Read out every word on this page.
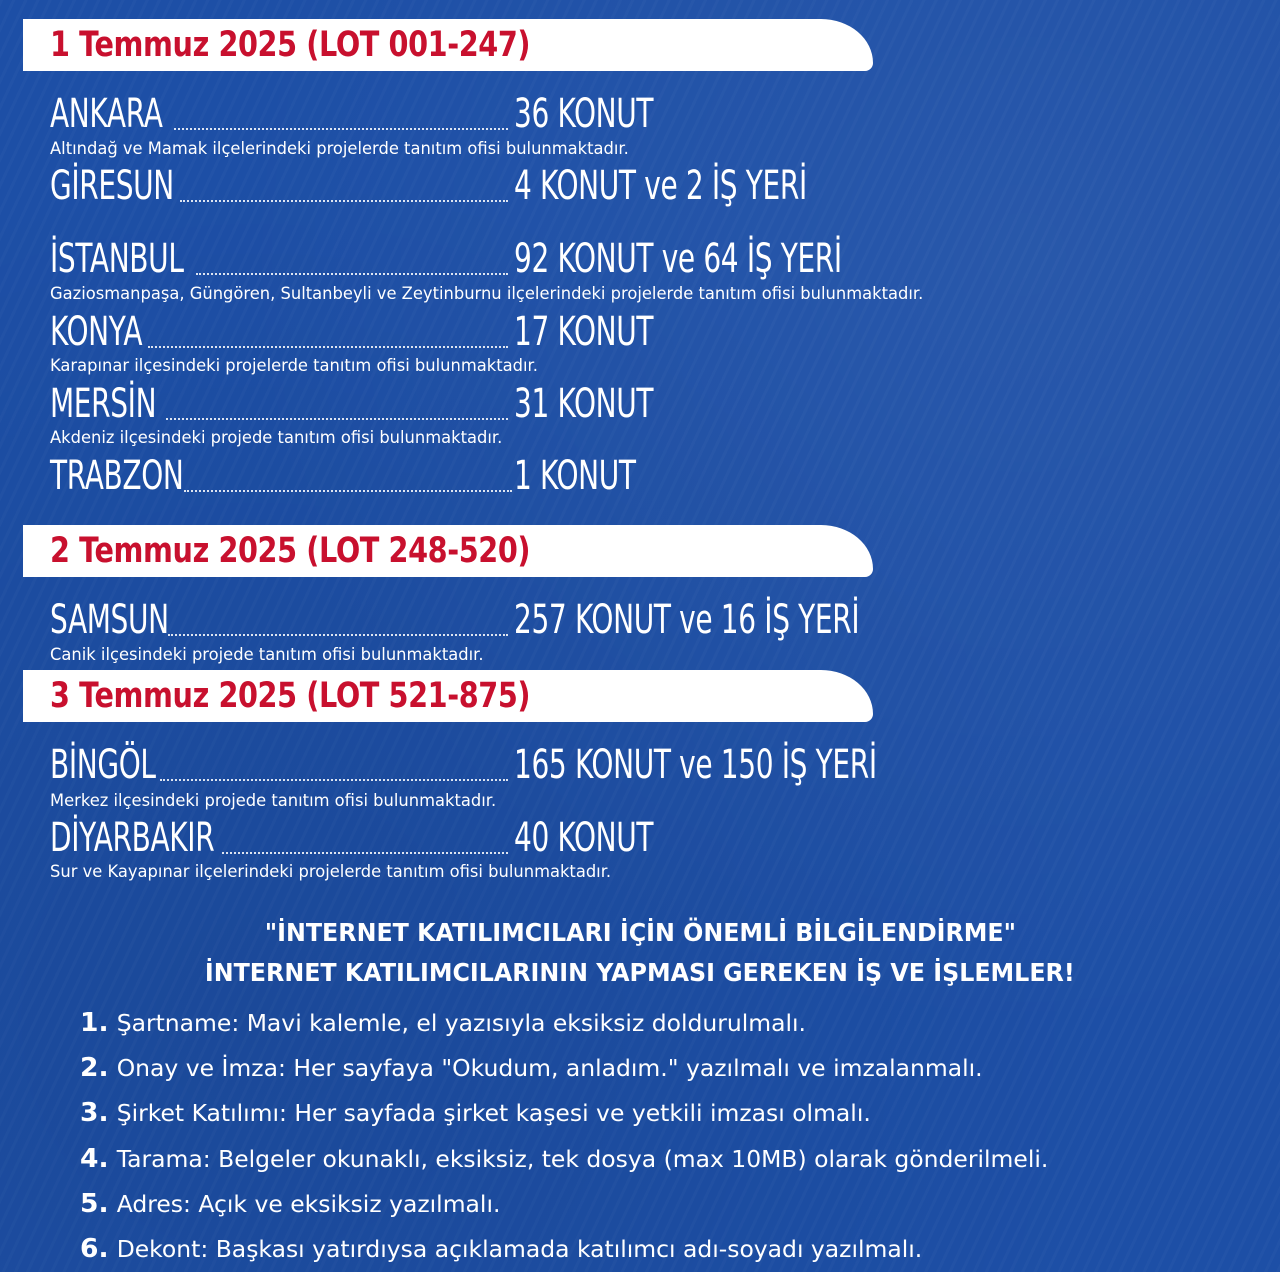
1 Temmuz 2025 (LOT 001-247)
ANKARA	36 KONUT
Altındağ ve Mamak ilçelerindeki projelerde tanıtım ofisi bulunmaktadır.
GİRESUN	4 KONUT ve 2 İŞ YERİ
İSTANBUL	92 KONUT ve 64 İŞ YERİ
Gaziosmanpaşa, Güngören, Sultanbeyli ve Zeytinburnu ilçelerindeki projelerde tanıtım ofisi bulunmaktadır.
KONYA	17 KONUT
Karapınar ilçesindeki projelerde tanıtım ofisi bulunmaktadır.
MERSİN	31 KONUT
Akdeniz ilçesindeki projede tanıtım ofisi bulunmaktadır.
TRABZON	1 KONUT
2 Temmuz 2025 (LOT 248-520)
SAMSUN	257 KONUT ve 16 İŞ YERİ
Canik ilçesindeki projede tanıtım ofisi bulunmaktadır.
3 Temmuz 2025 (LOT 521-875)
BİNGÖL	165 KONUT ve 150 İŞ YERİ
Merkez ilçesindeki projede tanıtım ofisi bulunmaktadır.
DİYARBAKIR	40 KONUT
Sur ve Kayapınar ilçelerindeki projelerde tanıtım ofisi bulunmaktadır.
"İNTERNET KATILIMCILARI İÇİN ÖNEMLİ BİLGİLENDİRME"
İNTERNET KATILIMCILARININ YAPMASI GEREKEN İŞ VE İŞLEMLER!
1. Şartname: Mavi kalemle, el yazısıyla eksiksiz doldurulmalı.
2. Onay ve İmza: Her sayfaya "Okudum, anladım." yazılmalı ve imzalanmalı.
3. Şirket Katılımı: Her sayfada şirket kaşesi ve yetkili imzası olmalı.
4. Tarama: Belgeler okunaklı, eksiksiz, tek dosya (max 10MB) olarak gönderilmeli.
5. Adres: Açık ve eksiksiz yazılmalı.
6. Dekont: Başkası yatırdıysa açıklamada katılımcı adı-soyadı yazılmalı.
